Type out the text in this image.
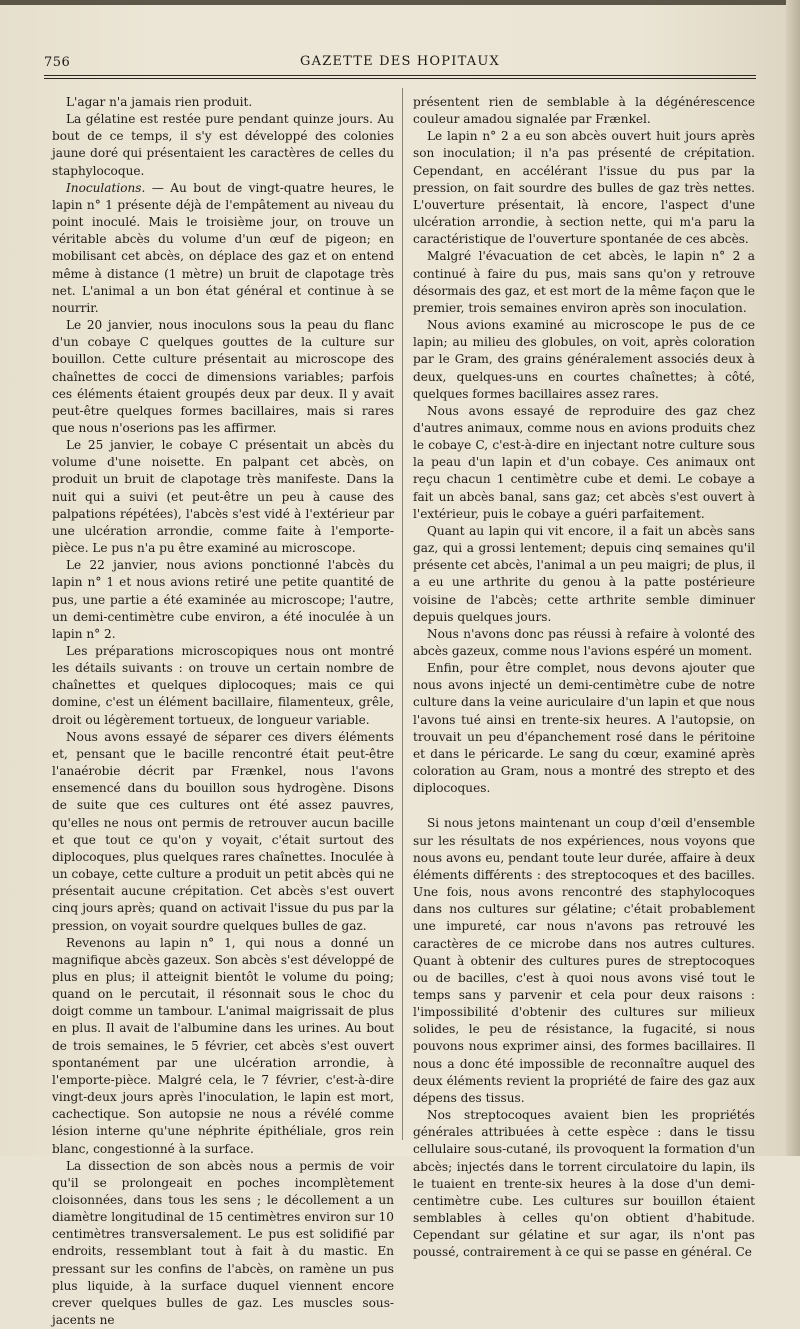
756	GAZETTE DES HOPITAUX

L'agar n'a jamais rien produit.

La gélatine est restée pure pendant quinze jours. Au bout de ce temps, il s'y est développé des colonies jaune doré qui présentaient les caractères de celles du staphylocoque.

Inoculations. — Au bout de vingt-quatre heures, le lapin n° 1 présente déjà de l'empâtement au niveau du point inoculé. Mais le troisième jour, on trouve un véritable abcès du volume d'un œuf de pigeon; en mobilisant cet abcès, on déplace des gaz et on entend même à distance (1 mètre) un bruit de clapotage très net. L'animal a un bon état général et continue à se nourrir.

Le 20 janvier, nous inoculons sous la peau du flanc d'un cobaye C quelques gouttes de la culture sur bouillon. Cette culture présentait au microscope des chaînettes de cocci de dimensions variables; parfois ces éléments étaient groupés deux par deux. Il y avait peut-être quelques formes bacillaires, mais si rares que nous n'oserions pas les affirmer.

Le 25 janvier, le cobaye C présentait un abcès du volume d'une noisette. En palpant cet abcès, on produit un bruit de clapotage très manifeste. Dans la nuit qui a suivi (et peut-être un peu à cause des palpations répétées), l'abcès s'est vidé à l'extérieur par une ulcération arrondie, comme faite à l'emporte-pièce. Le pus n'a pu être examiné au microscope.

Le 22 janvier, nous avions ponctionné l'abcès du lapin n° 1 et nous avions retiré une petite quantité de pus, une partie a été examinée au microscope; l'autre, un demi-centimètre cube environ, a été inoculée à un lapin n° 2.

Les préparations microscopiques nous ont montré les détails suivants : on trouve un certain nombre de chaînettes et quelques diplocoques; mais ce qui domine, c'est un élément bacillaire, filamenteux, grêle, droit ou légèrement tortueux, de longueur variable.

Nous avons essayé de séparer ces divers éléments et, pensant que le bacille rencontré était peut-être l'anaérobie décrit par Frænkel, nous l'avons ensemencé dans du bouillon sous hydrogène. Disons de suite que ces cultures ont été assez pauvres, qu'elles ne nous ont permis de retrouver aucun bacille et que tout ce qu'on y voyait, c'était surtout des diplocoques, plus quelques rares chaînettes. Inoculée à un cobaye, cette culture a produit un petit abcès qui ne présentait aucune crépitation. Cet abcès s'est ouvert cinq jours après; quand on activait l'issue du pus par la pression, on voyait sourdre quelques bulles de gaz.

Revenons au lapin n° 1, qui nous a donné un magnifique abcès gazeux. Son abcès s'est développé de plus en plus; il atteignit bientôt le volume du poing; quand on le percutait, il résonnait sous le choc du doigt comme un tambour. L'animal maigrissait de plus en plus. Il avait de l'albumine dans les urines. Au bout de trois semaines, le 5 février, cet abcès s'est ouvert spontanément par une ulcération arrondie, à l'emporte-pièce. Malgré cela, le 7 février, c'est-à-dire vingt-deux jours après l'inoculation, le lapin est mort, cachectique. Son autopsie ne nous a révélé comme lésion interne qu'une néphrite épithéliale, gros rein blanc, congestionné à la surface.

La dissection de son abcès nous a permis de voir qu'il se prolongeait en poches incomplètement cloisonnées, dans tous les sens ; le décollement a un diamètre longitudinal de 15 centimètres environ sur 10 centimètres transversalement. Le pus est solidifié par endroits, ressemblant tout à fait à du mastic. En pressant sur les confins de l'abcès, on ramène un pus plus liquide, à la surface duquel viennent encore crever quelques bulles de gaz. Les muscles sous-jacents ne

présentent rien de semblable à la dégénérescence couleur amadou signalée par Frænkel.

Le lapin n° 2 a eu son abcès ouvert huit jours après son inoculation; il n'a pas présenté de crépitation. Cependant, en accélérant l'issue du pus par la pression, on fait sourdre des bulles de gaz très nettes. L'ouverture présentait, là encore, l'aspect d'une ulcération arrondie, à section nette, qui m'a paru la caractéristique de l'ouverture spontanée de ces abcès.

Malgré l'évacuation de cet abcès, le lapin n° 2 a continué à faire du pus, mais sans qu'on y retrouve désormais des gaz, et est mort de la même façon que le premier, trois semaines environ après son inoculation.

Nous avions examiné au microscope le pus de ce lapin; au milieu des globules, on voit, après coloration par le Gram, des grains généralement associés deux à deux, quelques-uns en courtes chaînettes; à côté, quelques formes bacillaires assez rares.

Nous avons essayé de reproduire des gaz chez d'autres animaux, comme nous en avions produits chez le cobaye C, c'est-à-dire en injectant notre culture sous la peau d'un lapin et d'un cobaye. Ces animaux ont reçu chacun 1 centimètre cube et demi. Le cobaye a fait un abcès banal, sans gaz; cet abcès s'est ouvert à l'extérieur, puis le cobaye a guéri parfaitement.

Quant au lapin qui vit encore, il a fait un abcès sans gaz, qui a grossi lentement; depuis cinq semaines qu'il présente cet abcès, l'animal a un peu maigri; de plus, il a eu une arthrite du genou à la patte postérieure voisine de l'abcès; cette arthrite semble diminuer depuis quelques jours.

Nous n'avons donc pas réussi à refaire à volonté des abcès gazeux, comme nous l'avions espéré un moment.

Enfin, pour être complet, nous devons ajouter que nous avons injecté un demi-centimètre cube de notre culture dans la veine auriculaire d'un lapin et que nous l'avons tué ainsi en trente-six heures. A l'autopsie, on trouvait un peu d'épanchement rosé dans le péritoine et dans le péricarde. Le sang du cœur, examiné après coloration au Gram, nous a montré des strepto et des diplocoques.

Si nous jetons maintenant un coup d'œil d'ensemble sur les résultats de nos expériences, nous voyons que nous avons eu, pendant toute leur durée, affaire à deux éléments différents : des streptocoques et des bacilles. Une fois, nous avons rencontré des staphylocoques dans nos cultures sur gélatine; c'était probablement une impureté, car nous n'avons pas retrouvé les caractères de ce microbe dans nos autres cultures. Quant à obtenir des cultures pures de streptocoques ou de bacilles, c'est à quoi nous avons visé tout le temps sans y parvenir et cela pour deux raisons : l'impossibilité d'obtenir des cultures sur milieux solides, le peu de résistance, la fugacité, si nous pouvons nous exprimer ainsi, des formes bacillaires. Il nous a donc été impossible de reconnaître auquel des deux éléments revient la propriété de faire des gaz aux dépens des tissus.

Nos streptocoques avaient bien les propriétés générales attribuées à cette espèce : dans le tissu cellulaire sous-cutané, ils provoquent la formation d'un abcès; injectés dans le torrent circulatoire du lapin, ils le tuaient en trente-six heures à la dose d'un demi-centimètre cube. Les cultures sur bouillon étaient semblables à celles qu'on obtient d'habitude. Cependant sur gélatine et sur agar, ils n'ont pas poussé, contrairement à ce qui se passe en général. Ce
